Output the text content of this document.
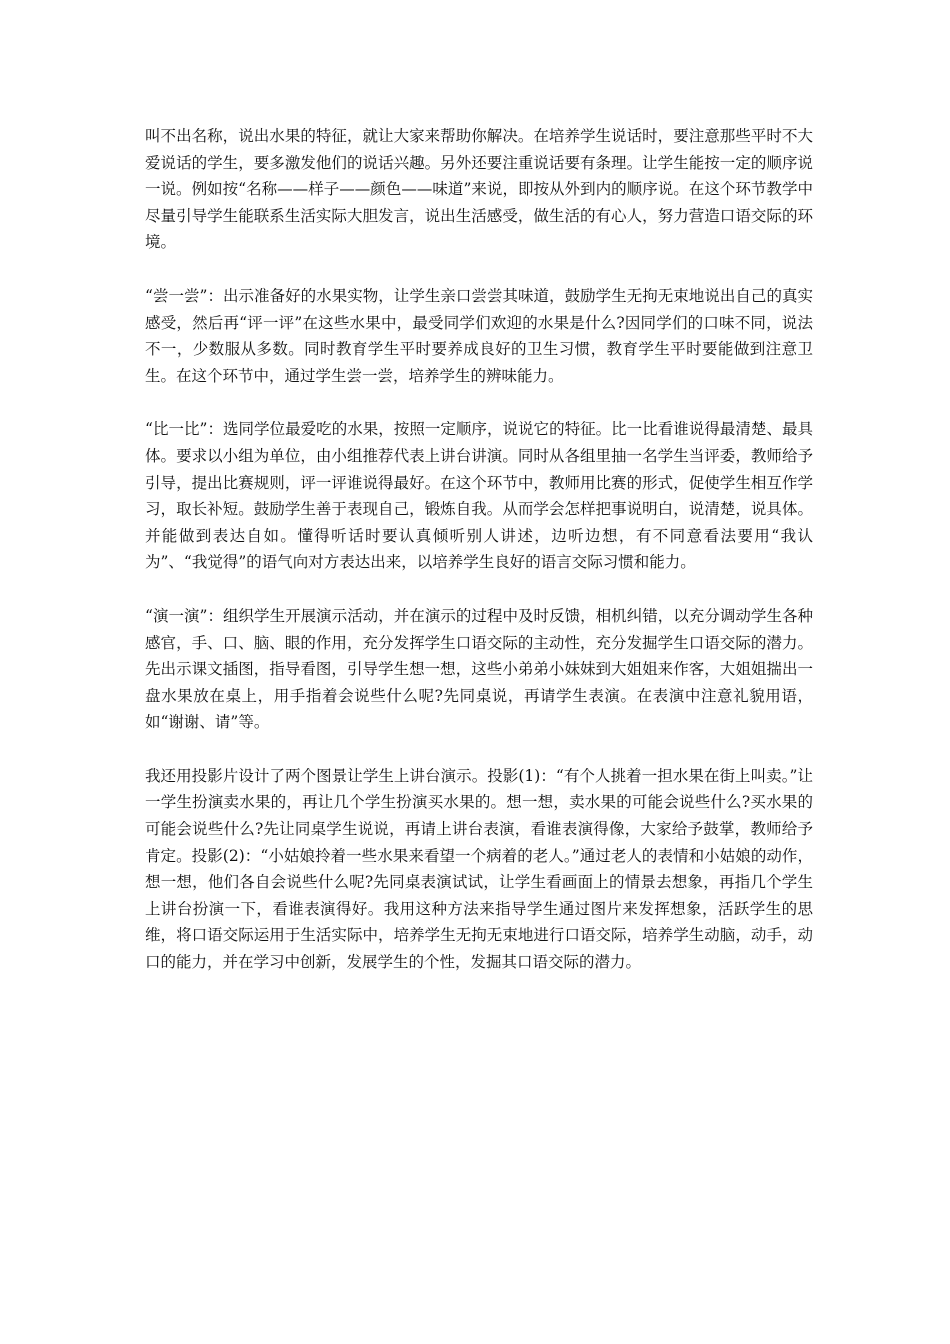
叫不出名称，说出水果的特征，就让大家来帮助你解决。在培养学生说话时，要注意那些平时不大爱说话的学生，要多激发他们的说话兴趣。另外还要注重说话要有条理。让学生能按一定的顺序说一说。例如按“名称——样子——颜色——味道”来说，即按从外到内的顺序说。在这个环节教学中尽量引导学生能联系生活实际大胆发言，说出生活感受，做生活的有心人，努力营造口语交际的环境。

“尝一尝”：出示准备好的水果实物，让学生亲口尝尝其味道，鼓励学生无拘无束地说出自己的真实感受，然后再“评一评”在这些水果中，最受同学们欢迎的水果是什么?因同学们的口味不同，说法不一，少数服从多数。同时教育学生平时要养成良好的卫生习惯，教育学生平时要能做到注意卫生。在这个环节中，通过学生尝一尝，培养学生的辨味能力。

“比一比”：选同学位最爱吃的水果，按照一定顺序，说说它的特征。比一比看谁说得最清楚、最具体。要求以小组为单位，由小组推荐代表上讲台讲演。同时从各组里抽一名学生当评委，教师给予引导，提出比赛规则，评一评谁说得最好。在这个环节中，教师用比赛的形式，促使学生相互作学习，取长补短。鼓励学生善于表现自己，锻炼自我。从而学会怎样把事说明白，说清楚，说具体。并能做到表达自如。懂得听话时要认真倾听别人讲述，边听边想，有不同意看法要用“我认为”、“我觉得”的语气向对方表达出来，以培养学生良好的语言交际习惯和能力。

“演一演”：组织学生开展演示活动，并在演示的过程中及时反馈，相机纠错，以充分调动学生各种感官，手、口、脑、眼的作用，充分发挥学生口语交际的主动性，充分发掘学生口语交际的潜力。先出示课文插图，指导看图，引导学生想一想，这些小弟弟小妹妹到大姐姐来作客，大姐姐揣出一盘水果放在桌上，用手指着会说些什么呢?先同桌说，再请学生表演。在表演中注意礼貌用语，如“谢谢、请”等。

我还用投影片设计了两个图景让学生上讲台演示。投影(1)：“有个人挑着一担水果在街上叫卖。”让一学生扮演卖水果的，再让几个学生扮演买水果的。想一想，卖水果的可能会说些什么?买水果的可能会说些什么?先让同桌学生说说，再请上讲台表演，看谁表演得像，大家给予鼓掌，教师给予肯定。投影(2)：“小姑娘拎着一些水果来看望一个病着的老人。”通过老人的表情和小姑娘的动作，想一想，他们各自会说些什么呢?先同桌表演试试，让学生看画面上的情景去想象，再指几个学生上讲台扮演一下，看谁表演得好。我用这种方法来指导学生通过图片来发挥想象，活跃学生的思维，将口语交际运用于生活实际中，培养学生无拘无束地进行口语交际，培养学生动脑，动手，动口的能力，并在学习中创新，发展学生的个性，发掘其口语交际的潜力。
